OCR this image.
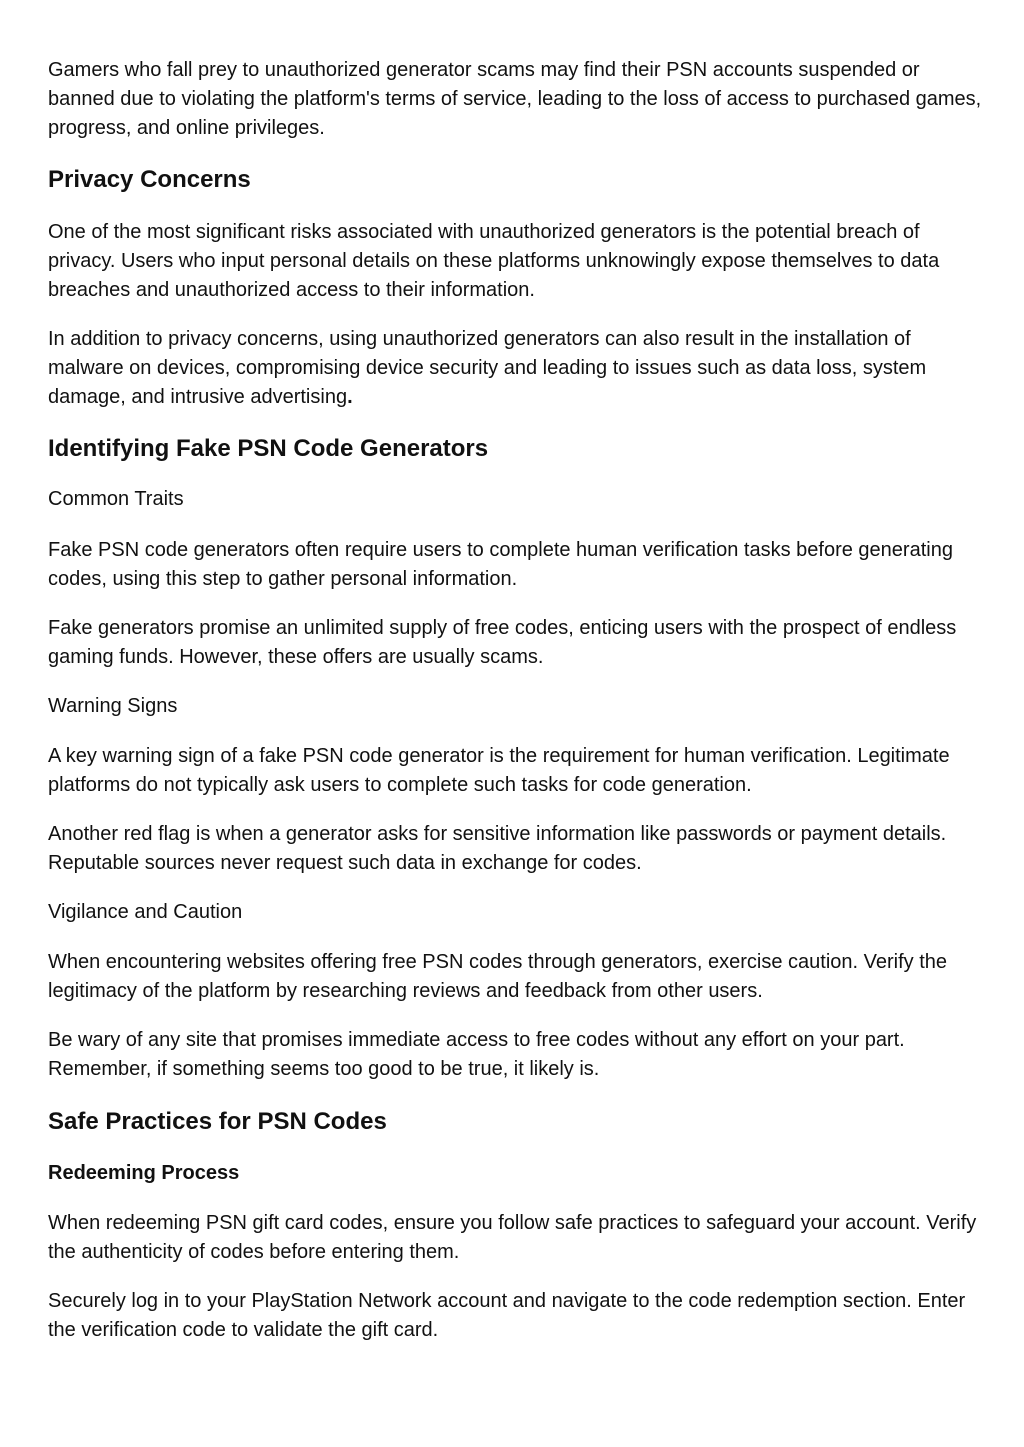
Gamers who fall prey to unauthorized generator scams may find their PSN accounts suspended or banned due to violating the platform's terms of service, leading to the loss of access to purchased games, progress, and online privileges.

Privacy Concerns

One of the most significant risks associated with unauthorized generators is the potential breach of privacy. Users who input personal details on these platforms unknowingly expose themselves to data breaches and unauthorized access to their information.

In addition to privacy concerns, using unauthorized generators can also result in the installation of malware on devices, compromising device security and leading to issues such as data loss, system damage, and intrusive advertising.

Identifying Fake PSN Code Generators

Common Traits

Fake PSN code generators often require users to complete human verification tasks before generating codes, using this step to gather personal information.

Fake generators promise an unlimited supply of free codes, enticing users with the prospect of endless gaming funds. However, these offers are usually scams.

Warning Signs

A key warning sign of a fake PSN code generator is the requirement for human verification. Legitimate platforms do not typically ask users to complete such tasks for code generation.

Another red flag is when a generator asks for sensitive information like passwords or payment details. Reputable sources never request such data in exchange for codes.

Vigilance and Caution

When encountering websites offering free PSN codes through generators, exercise caution. Verify the legitimacy of the platform by researching reviews and feedback from other users.

Be wary of any site that promises immediate access to free codes without any effort on your part. Remember, if something seems too good to be true, it likely is.

Safe Practices for PSN Codes
Redeeming Process

When redeeming PSN gift card codes, ensure you follow safe practices to safeguard your account. Verify the authenticity of codes before entering them.

Securely log in to your PlayStation Network account and navigate to the code redemption section. Enter the verification code to validate the gift card.
